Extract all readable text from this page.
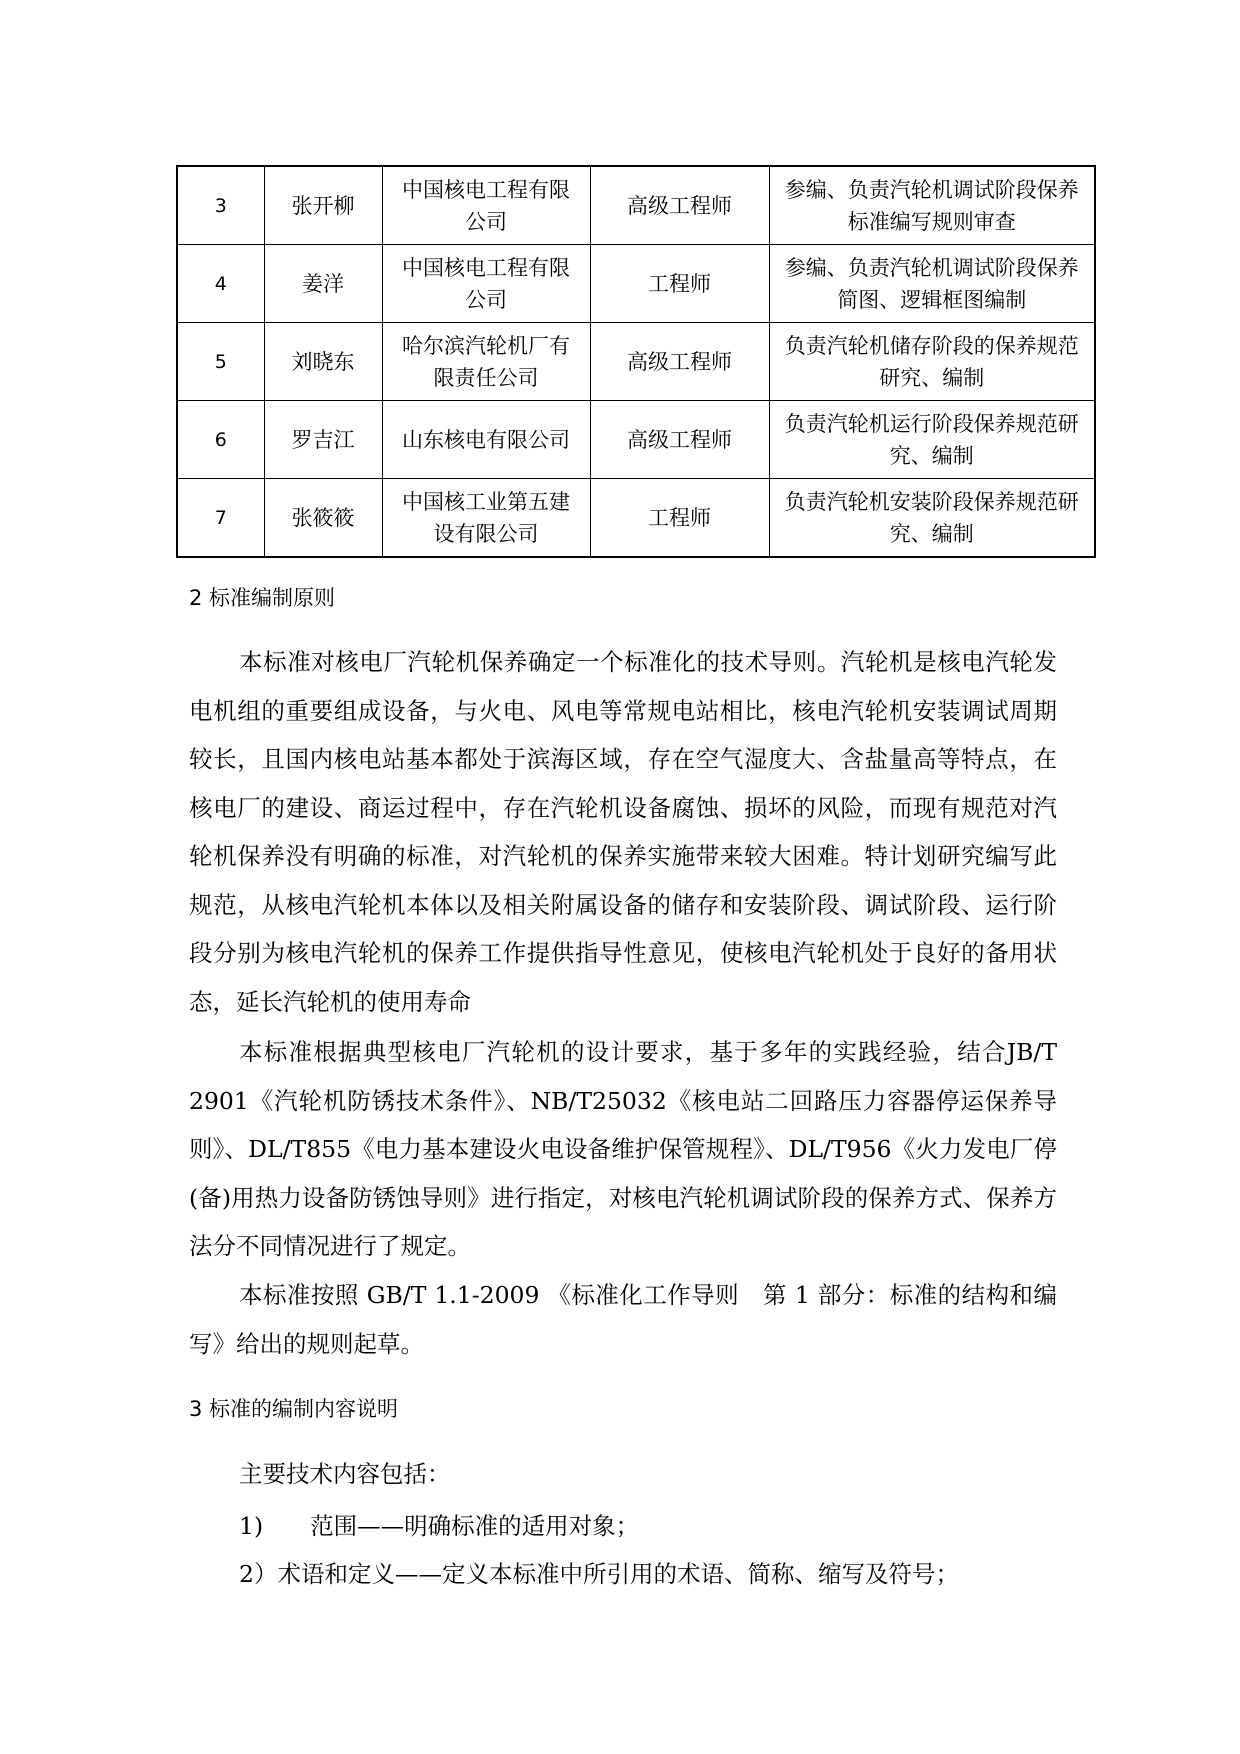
3	张开柳	中国核电工程有限公司	高级工程师	参编、负责汽轮机调试阶段保养标准编写规则审查
4	姜洋	中国核电工程有限公司	工程师	参编、负责汽轮机调试阶段保养简图、逻辑框图编制
5	刘晓东	哈尔滨汽轮机厂有限责任公司	高级工程师	负责汽轮机储存阶段的保养规范研究、编制
6	罗吉江	山东核电有限公司	高级工程师	负责汽轮机运行阶段保养规范研究、编制
7	张筱筱	中国核工业第五建设有限公司	工程师	负责汽轮机安装阶段保养规范研究、编制
2 标准编制原则

本标准对核电厂汽轮机保养确定一个标准化的技术导则。汽轮机是核电汽轮发电机组的重要组成设备，与火电、风电等常规电站相比，核电汽轮机安装调试周期较长，且国内核电站基本都处于滨海区域，存在空气湿度大、含盐量高等特点，在核电厂的建设、商运过程中，存在汽轮机设备腐蚀、损坏的风险，而现有规范对汽轮机保养没有明确的标准，对汽轮机的保养实施带来较大困难。特计划研究编写此规范，从核电汽轮机本体以及相关附属设备的储存和安装阶段、调试阶段、运行阶段分别为核电汽轮机的保养工作提供指导性意见，使核电汽轮机处于良好的备用状态，延长汽轮机的使用寿命

本标准根据典型核电厂汽轮机的设计要求，基于多年的实践经验，结合JB/T 2901《汽轮机防锈技术条件》、NB/T25032《核电站二回路压力容器停运保养导则》、DL/T855《电力基本建设火电设备维护保管规程》、DL/T956《火力发电厂停(备)用热力设备防锈蚀导则》进行指定，对核电汽轮机调试阶段的保养方式、保养方法分不同情况进行了规定。

本标准按照 GB/T 1.1-2009 《标准化工作导则　第 1 部分：标准的结构和编写》给出的规则起草。

3 标准的编制内容说明
主要技术内容包括：
1)　　范围——明确标准的适用对象；
2）术语和定义——定义本标准中所引用的术语、简称、缩写及符号；
